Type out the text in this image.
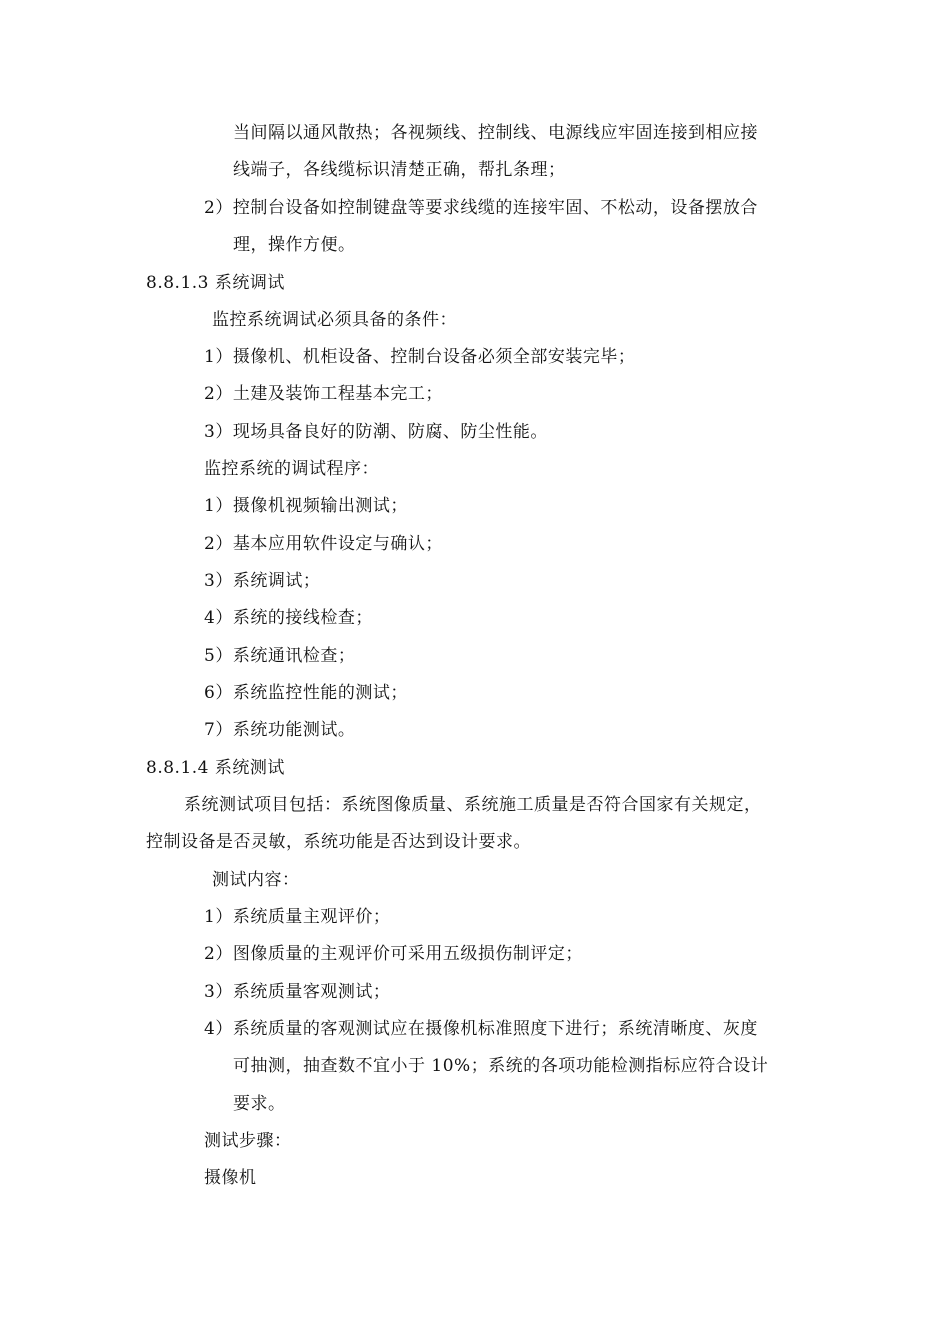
当间隔以通风散热；各视频线、控制线、电源线应牢固连接到相应接
线端子，各线缆标识清楚正确，帮扎条理；
2）控制台设备如控制键盘等要求线缆的连接牢固、不松动，设备摆放合
理，操作方便。
8.8.1.3 系统调试
监控系统调试必须具备的条件：
1）摄像机、机柜设备、控制台设备必须全部安装完毕；
2）土建及装饰工程基本完工；
3）现场具备良好的防潮、防腐、防尘性能。
监控系统的调试程序：
1）摄像机视频输出测试；
2）基本应用软件设定与确认；
3）系统调试；
4）系统的接线检查；
5）系统通讯检查；
6）系统监控性能的测试；
7）系统功能测试。
8.8.1.4 系统测试
系统测试项目包括：系统图像质量、系统施工质量是否符合国家有关规定，
控制设备是否灵敏，系统功能是否达到设计要求。
测试内容：
1）系统质量主观评价；
2）图像质量的主观评价可采用五级损伤制评定；
3）系统质量客观测试；
4）系统质量的客观测试应在摄像机标准照度下进行；系统清晰度、灰度
可抽测，抽查数不宜小于 10%；系统的各项功能检测指标应符合设计
要求。
测试步骤：
摄像机
